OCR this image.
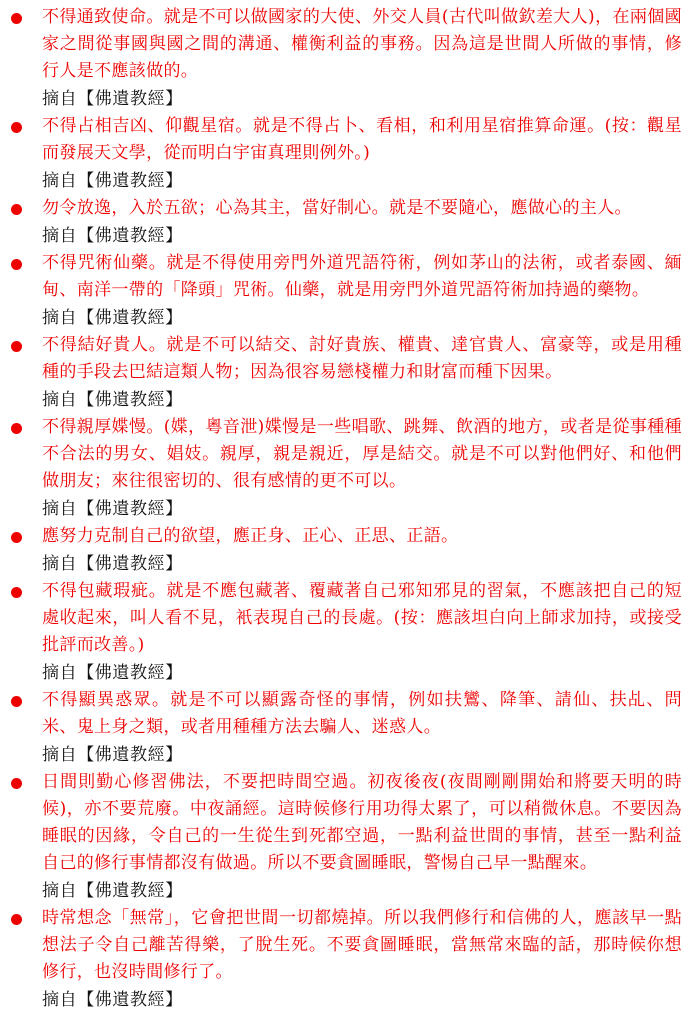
不得通致使命。就是不可以做國家的大使、外交人員(古代叫做欽差大人)，在兩個國家之間從事國與國之間的溝通、權衡利益的事務。因為這是世間人所做的事情，修行人是不應該做的。
摘自【佛遺教經】
不得占相吉凶、仰觀星宿。就是不得占卜、看相，和利用星宿推算命運。(按：觀星而發展天文學，從而明白宇宙真理則例外。)
摘自【佛遺教經】
勿令放逸，入於五欲；心為其主，當好制心。就是不要隨心，應做心的主人。
摘自【佛遺教經】
不得咒術仙藥。就是不得使用旁門外道咒語符術，例如茅山的法術，或者泰國、緬甸、南洋一帶的「降頭」咒術。仙藥，就是用旁門外道咒語符術加持過的藥物。
摘自【佛遺教經】
不得結好貴人。就是不可以結交、討好貴族、權貴、達官貴人、富豪等，或是用種種的手段去巴結這類人物；因為很容易戀棧權力和財富而種下因果。
摘自【佛遺教經】
不得親厚媟慢。(媟，粵音泄)媟慢是一些唱歌、跳舞、飲酒的地方，或者是從事種種不合法的男女、娼妓。親厚，親是親近，厚是結交。就是不可以對他們好、和他們做朋友；來往很密切的、很有感情的更不可以。
摘自【佛遺教經】
應努力克制自己的欲望，應正身、正心、正思、正語。
摘自【佛遺教經】
不得包藏瑕疵。就是不應包藏著、覆藏著自己邪知邪見的習氣，不應該把自己的短處收起來，叫人看不見，衹表現自己的長處。(按：應該坦白向上師求加持，或接受批評而改善。)
摘自【佛遺教經】
不得顯異惑眾。就是不可以顯露奇怪的事情，例如扶鸞、降筆、請仙、扶乩、問米、鬼上身之類，或者用種種方法去騙人、迷惑人。
摘自【佛遺教經】
日間則勤心修習佛法，不要把時間空過。初夜後夜(夜間剛剛開始和將要天明的時候)，亦不要荒廢。中夜誦經。這時候修行用功得太累了，可以稍微休息。不要因為睡眠的因緣，令自己的一生從生到死都空過，一點利益世間的事情，甚至一點利益自己的修行事情都沒有做過。所以不要貪圖睡眠，警惕自己早一點醒來。
摘自【佛遺教經】
時常想念「無常」，它會把世間一切都燒掉。所以我們修行和信佛的人，應該早一點想法子令自己離苦得樂，了脫生死。不要貪圖睡眠，當無常來臨的話，那時候你想修行，也沒時間修行了。
摘自【佛遺教經】
